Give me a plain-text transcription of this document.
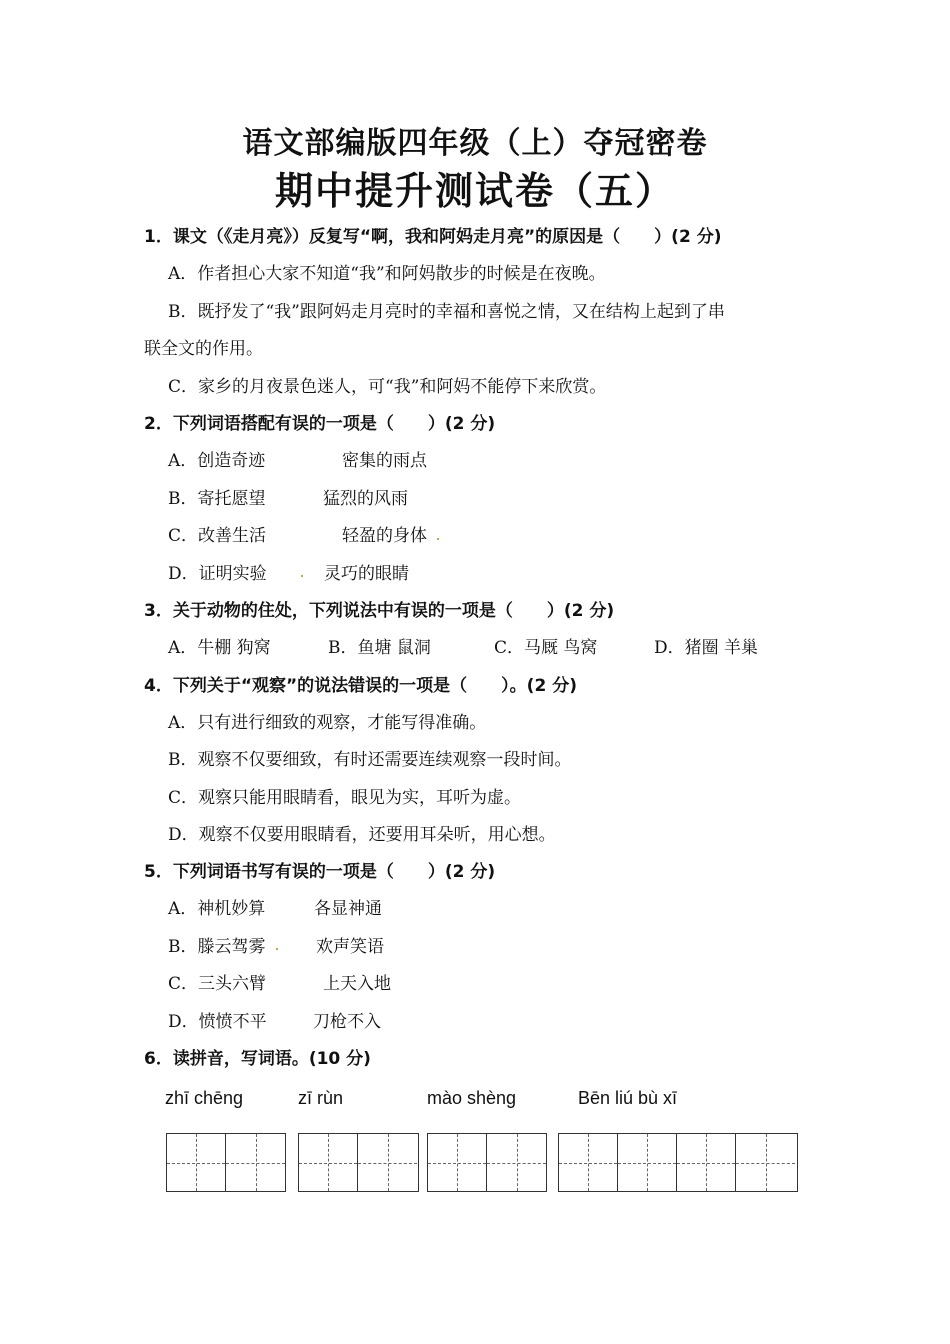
语文部编版四年级（上）夺冠密卷
期中提升测试卷（五）
1．课文（《走月亮》）反复写“啊，我和阿妈走月亮”的原因是（　　）(2 分)
A．作者担心大家不知道“我”和阿妈散步的时候是在夜晚。
B．既抒发了“我”跟阿妈走月亮时的幸福和喜悦之情，又在结构上起到了串
联全文的作用。
C．家乡的月夜景色迷人，可“我”和阿妈不能停下来欣赏。
2．下列词语搭配有误的一项是（　　）(2 分)
A．创造奇迹	密集的雨点
B．寄托愿望	猛烈的风雨
C．改善生活	轻盈的身体
D．证明实验	灵巧的眼睛
3．关于动物的住处，下列说法中有误的一项是（　　）(2 分)
A．牛棚 狗窝	B．鱼塘 鼠洞	C．马厩 鸟窝	D．猪圈 羊巢
4．下列关于“观察”的说法错误的一项是（　　）。(2 分)
A．只有进行细致的观察，才能写得准确。
B．观察不仅要细致，有时还需要连续观察一段时间。
C．观察只能用眼睛看，眼见为实，耳听为虚。
D．观察不仅要用眼睛看，还要用耳朵听，用心想。
5．下列词语书写有误的一项是（　　）(2 分)
A．神机妙算	各显神通
B．滕云驾雾	欢声笑语
C．三头六臂	上天入地
D．愤愤不平	刀枪不入
6．读拼音，写词语。(10 分)
zhī chēng	zī rùn	mào shèng	Bēn liú bù xī
